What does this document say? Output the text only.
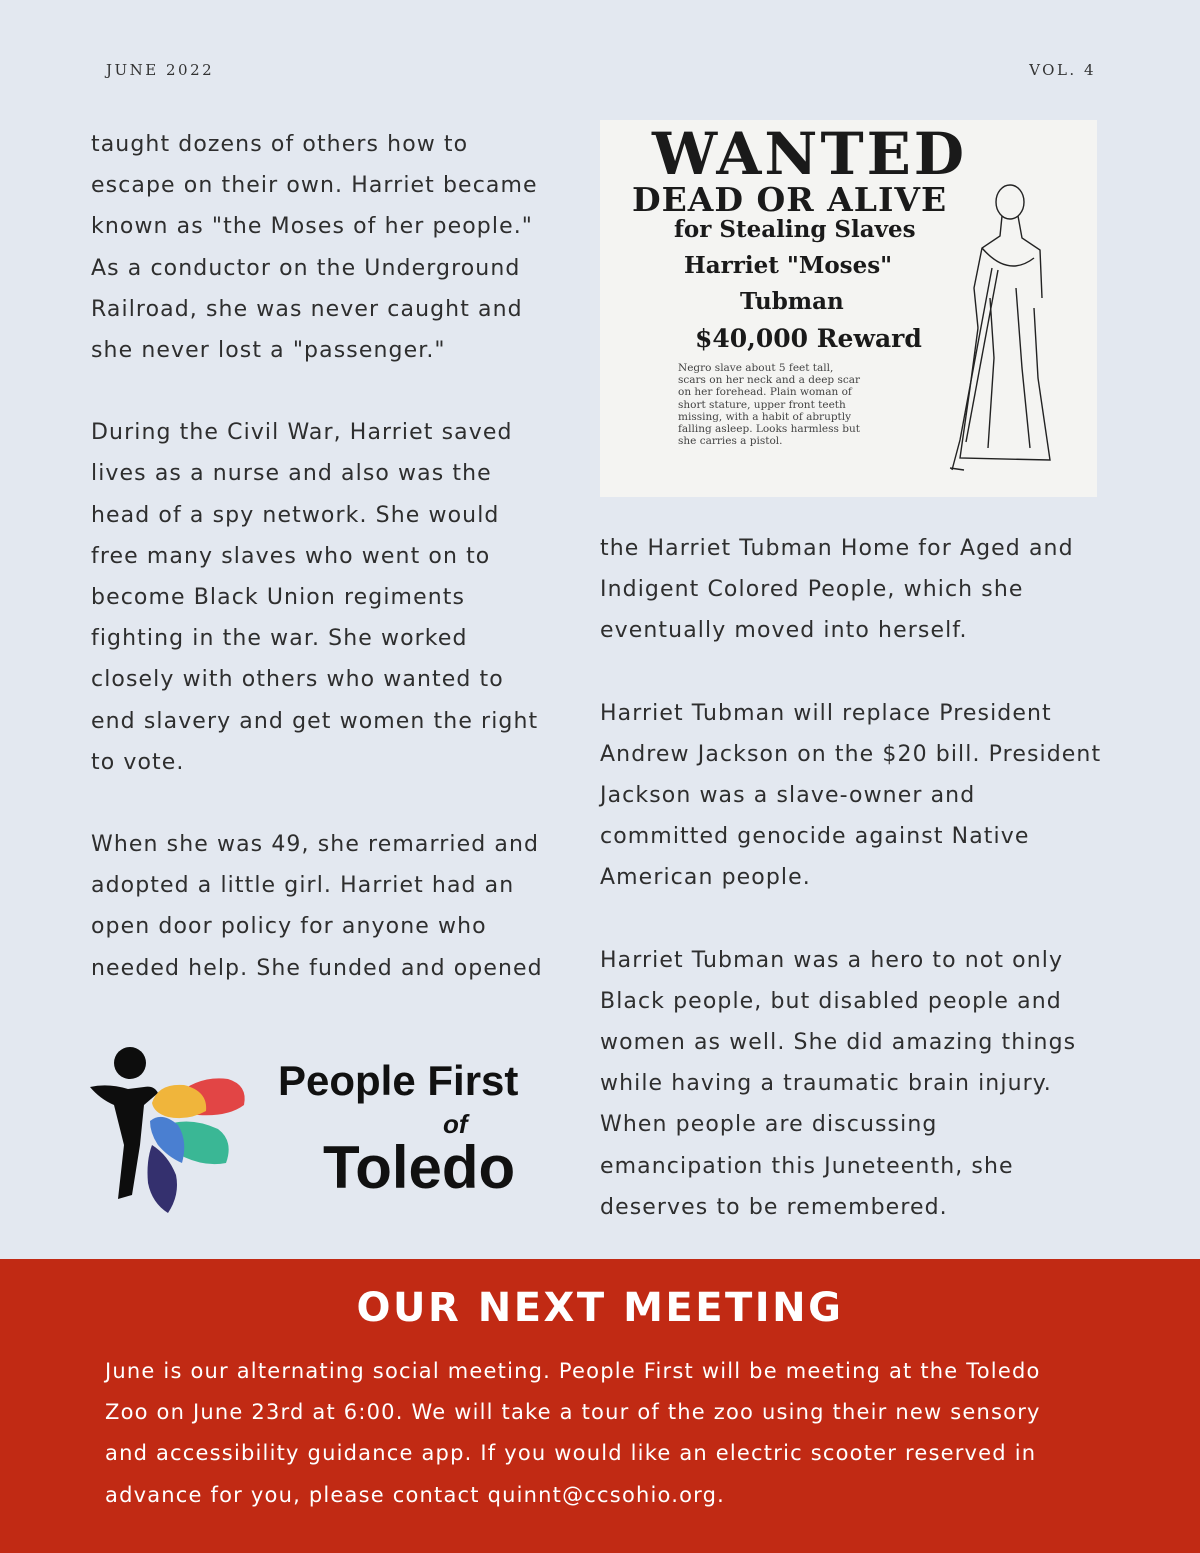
JUNE 2022	VOL. 4

taught dozens of others how to
escape on their own. Harriet became
known as "the Moses of her people."
As a conductor on the Underground
Railroad, she was never caught and
she never lost a "passenger."

During the Civil War, Harriet saved
lives as a nurse and also was the
head of a spy network. She would
free many slaves who went on to
become Black Union regiments
fighting in the war. She worked
closely with others who wanted to
end slavery and get women the right
to vote.

When she was 49, she remarried and
adopted a little girl. Harriet had an
open door policy for anyone who
needed help. She funded and opened

WANTED
DEAD OR ALIVE
for Stealing Slaves
Harriet "Moses"
Tubman
$40,000 Reward
Negro slave about 5 feet tall,
scars on her neck and a deep scar
on her forehead. Plain woman of
short stature, upper front teeth
missing, with a habit of abruptly
falling asleep. Looks harmless but
she carries a pistol.

the Harriet Tubman Home for Aged and
Indigent Colored People, which she
eventually moved into herself.

Harriet Tubman will replace President
Andrew Jackson on the $20 bill. President
Jackson was a slave-owner and
committed genocide against Native
American people.

Harriet Tubman was a hero to not only
Black people, but disabled people and
women as well. She did amazing things
while having a traumatic brain injury.
When people are discussing
emancipation this Juneteenth, she
deserves to be remembered.

People First
of
Toledo
OUR NEXT MEETING

June is our alternating social meeting. People First will be meeting at the Toledo
Zoo on June 23rd at 6:00. We will take a tour of the zoo using their new sensory
and accessibility guidance app. If you would like an electric scooter reserved in
advance for you, please contact quinnt@ccsohio.org.
